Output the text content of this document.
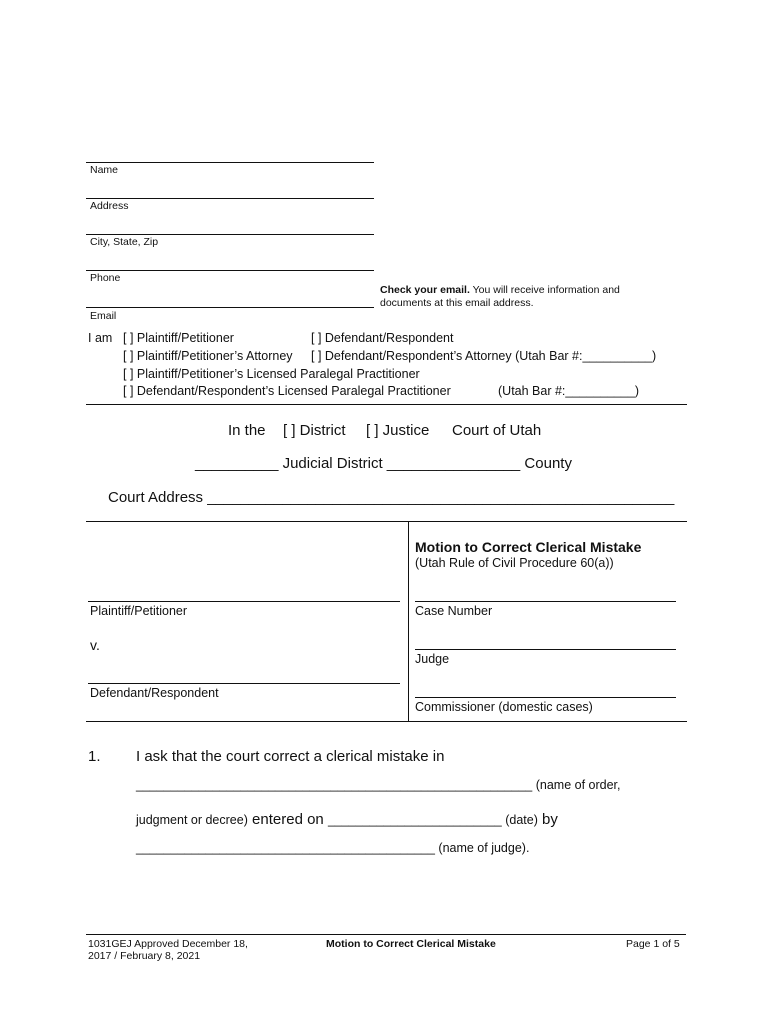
Name
Address
City, State, Zip
Phone
Email
Check your email. You will receive information and
documents at this email address.
I am [ ] Plaintiff/Petitioner	[ ] Defendant/Respondent
[ ] Plaintiff/Petitioner’s Attorney [ ] Defendant/Respondent’s Attorney (Utah Bar #:__________)
[ ] Plaintiff/Petitioner’s Licensed Paralegal Practitioner
[ ] Defendant/Respondent’s Licensed Paralegal Practitioner	(Utah Bar #:__________)
In the [ ] District [ ] Justice Court of Utah
__________ Judicial District ________________ County
Court Address ________________________________________________________
Motion to Correct Clerical Mistake
(Utah Rule of Civil Procedure 60(a))
Plaintiff/Petitioner
v.
Defendant/Respondent
Case Number
Judge
Commissioner (domestic cases)
1. I ask that the court correct a clerical mistake in
_________________________________________________________ (name of order,
judgment or decree) entered on _________________________ (date) by
___________________________________________ (name of judge).
1031GEJ Approved December 18,
2017 / February 8, 2021
Motion to Correct Clerical Mistake	Page 1 of 5
